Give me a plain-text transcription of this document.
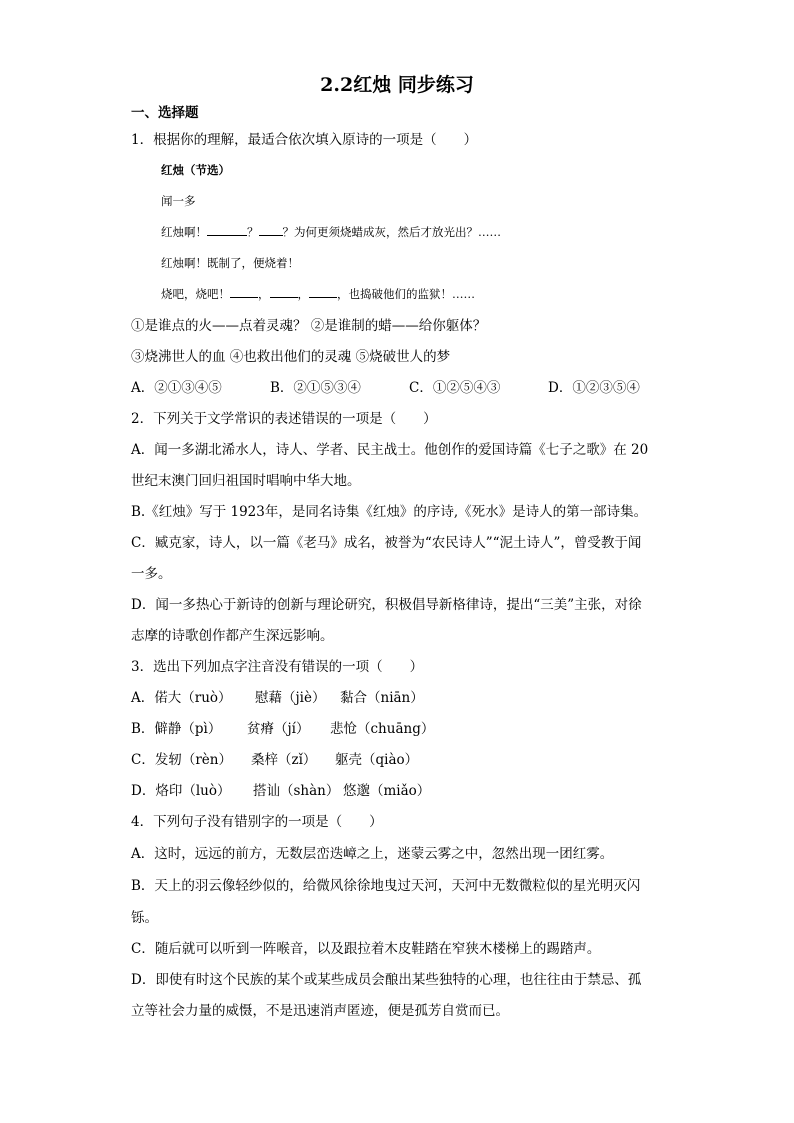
2.2红烛 同步练习
一、选择题
1．根据你的理解，最适合依次填入原诗的一项是（　　）
红烛（节选）
闻一多
红烛啊！	？ ？为何更须烧蜡成灰，然后才放光出？……
红烛啊！既制了，便烧着！
烧吧，烧吧！ ， ， ，也捣破他们的监狱！……
①是谁点的火——点着灵魂？ ②是谁制的蜡——给你躯体？
③烧沸世人的血 ④也救出他们的灵魂 ⑤烧破世人的梦
A．②①③④⑤	B．②①⑤③④	C．①②⑤④③	D．①②③⑤④
2．下列关于文学常识的表述错误的一项是（　　）
A．闻一多湖北浠水人，诗人、学者、民主战士。他创作的爱国诗篇《七子之歌》在 20
世纪末澳门回归祖国时唱响中华大地。
B.《红烛》写于 1923年，是同名诗集《红烛》的序诗,《死水》是诗人的第一部诗集。
C．臧克家，诗人，以一篇《老马》成名，被誉为“农民诗人”“泥土诗人”，曾受教于闻
一多。
D．闻一多热心于新诗的创新与理论研究，积极倡导新格律诗，提出“三美”主张，对徐
志摩的诗歌创作都产生深远影响。
3．选出下列加点字注音没有错误的一项（　　）
A．偌大（ruò） 慰藉（jiè） 黏合（niān）
B．僻静（pì） 贫瘠（jí） 悲怆（chuāng）
C．发轫（rèn） 桑梓（zǐ） 躯壳（qiào）
D．烙印（luò） 搭讪（shàn） 悠邈（miǎo）
4．下列句子没有错别字的一项是（　　）
A．这时，远远的前方，无数层峦迭嶂之上，迷蒙云雾之中，忽然出现一团红雾。
B．天上的羽云像轻纱似的，给微风徐徐地曳过天河，天河中无数微粒似的星光明灭闪
铄。
C．随后就可以听到一阵喉音，以及跟拉着木皮鞋踏在窄狭木楼梯上的踢踏声。
D．即使有时这个民族的某个或某些成员会酿出某些独特的心理，也往往由于禁忌、孤
立等社会力量的威慑，不是迅速消声匿迹，便是孤芳自赏而已。
